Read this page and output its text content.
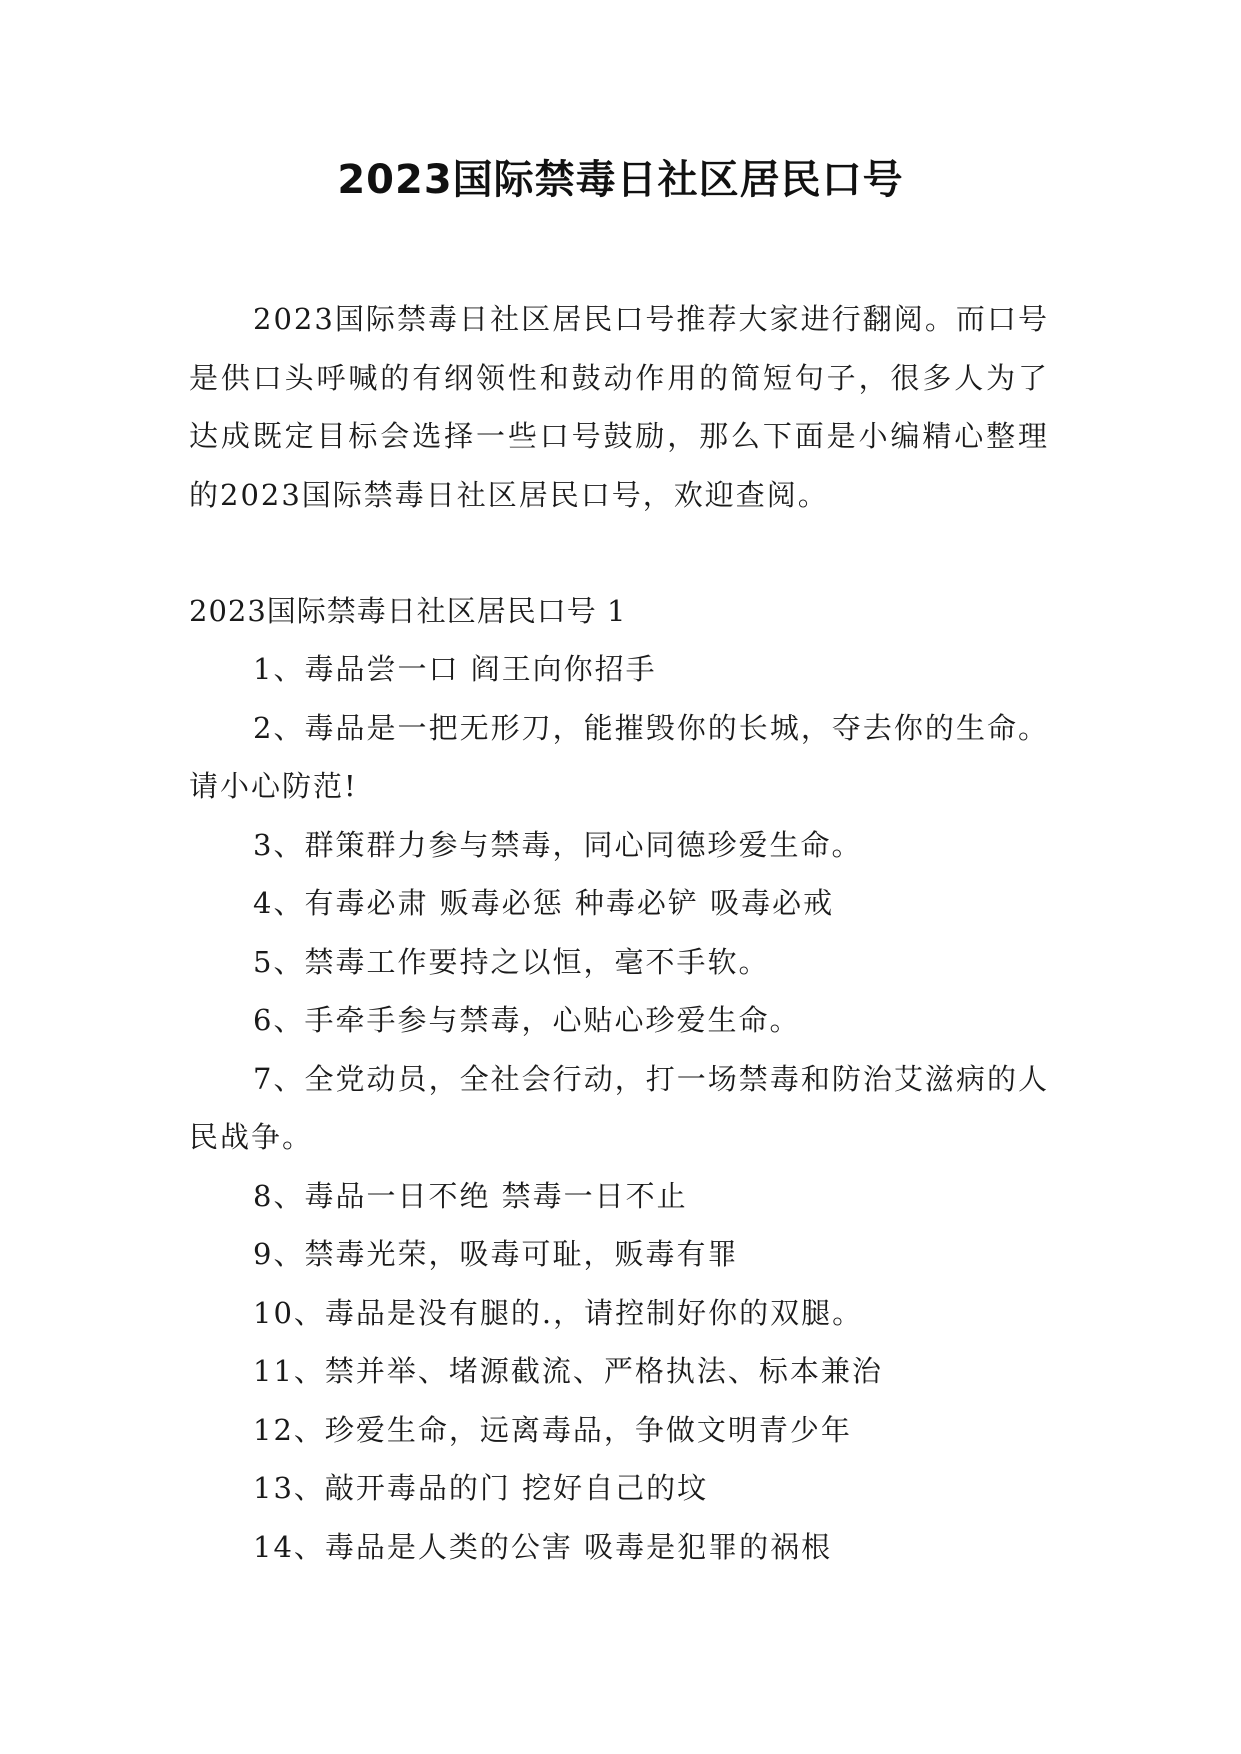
2023国际禁毒日社区居民口号

2023国际禁毒日社区居民口号推荐大家进行翻阅。而口号是供口头呼喊的有纲领性和鼓动作用的简短句子，很多人为了达成既定目标会选择一些口号鼓励，那么下面是小编精心整理的2023国际禁毒日社区居民口号，欢迎查阅。

2023国际禁毒日社区居民口号 1

1、毒品尝一口 阎王向你招手

2、毒品是一把无形刀，能摧毁你的长城，夺去你的生命。请小心防范!

3、群策群力参与禁毒，同心同德珍爱生命。

4、有毒必肃 贩毒必惩 种毒必铲 吸毒必戒

5、禁毒工作要持之以恒，毫不手软。

6、手牵手参与禁毒，心贴心珍爱生命。

7、全党动员，全社会行动，打一场禁毒和防治艾滋病的人民战争。

8、毒品一日不绝 禁毒一日不止

9、禁毒光荣，吸毒可耻，贩毒有罪

10、毒品是没有腿的.，请控制好你的双腿。

11、禁并举、堵源截流、严格执法、标本兼治

12、珍爱生命，远离毒品，争做文明青少年

13、敲开毒品的门 挖好自己的坟

14、毒品是人类的公害 吸毒是犯罪的祸根
